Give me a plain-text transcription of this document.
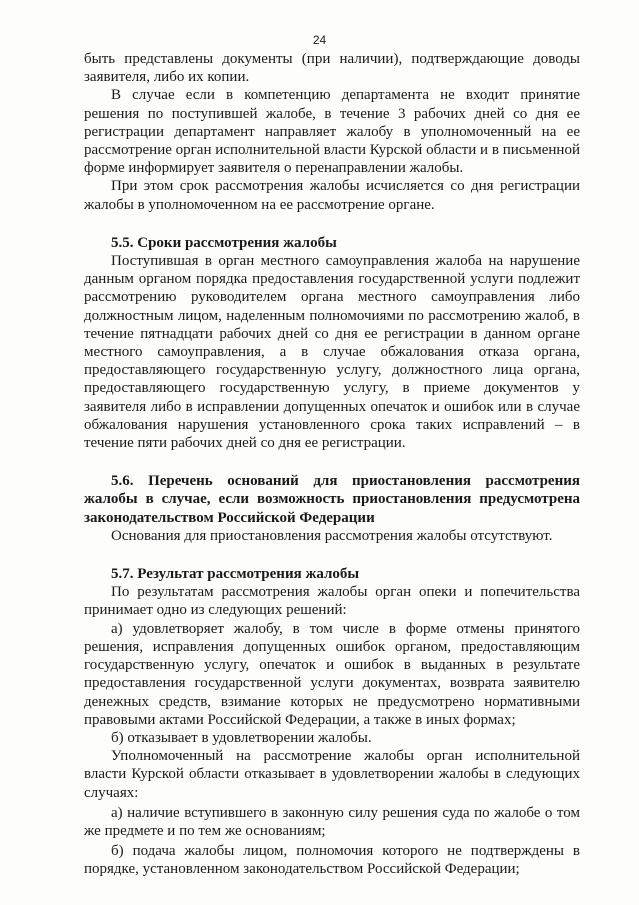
24

быть представлены документы (при наличии), подтверждающие доводы заявителя, либо их копии.

В случае если в компетенцию департамента не входит принятие решения по поступившей жалобе, в течение 3 рабочих дней со дня ее регистрации департамент направляет жалобу в уполномоченный на ее рассмотрение орган исполнительной власти Курской области и в письменной форме информирует заявителя о перенаправлении жалобы.

При этом срок рассмотрения жалобы исчисляется со дня регистрации жалобы в уполномоченном на ее рассмотрение органе.

5.5. Сроки рассмотрения жалобы

Поступившая в орган местного самоуправления жалоба на нарушение данным органом порядка предоставления государственной услуги подлежит рассмотрению руководителем органа местного самоуправления либо должностным лицом, наделенным полномочиями по рассмотрению жалоб, в течение пятнадцати рабочих дней со дня ее регистрации в данном органе местного самоуправления, а в случае обжалования отказа органа, предоставляющего государственную услугу, должностного лица органа, предоставляющего государственную услугу, в приеме документов у заявителя либо в исправлении допущенных опечаток и ошибок или в случае обжалования нарушения установленного срока таких исправлений – в течение пяти рабочих дней со дня ее регистрации.

5.6. Перечень оснований для приостановления рассмотрения жалобы в случае, если возможность приостановления предусмотрена законодательством Российской Федерации

Основания для приостановления рассмотрения жалобы отсутствуют.

5.7. Результат рассмотрения жалобы

По результатам рассмотрения жалобы орган опеки и попечительства принимает одно из следующих решений:

а) удовлетворяет жалобу, в том числе в форме отмены принятого решения, исправления допущенных ошибок органом, предоставляющим государственную услугу, опечаток и ошибок в выданных в результате предоставления государственной услуги документах, возврата заявителю денежных средств, взимание которых не предусмотрено нормативными правовыми актами Российской Федерации, а также в иных формах;

б) отказывает в удовлетворении жалобы.

Уполномоченный на рассмотрение жалобы орган исполнительной власти Курской области отказывает в удовлетворении жалобы в следующих случаях:

а) наличие вступившего в законную силу решения суда по жалобе о том же предмете и по тем же основаниям;

б) подача жалобы лицом, полномочия которого не подтверждены в порядке, установленном законодательством Российской Федерации;
